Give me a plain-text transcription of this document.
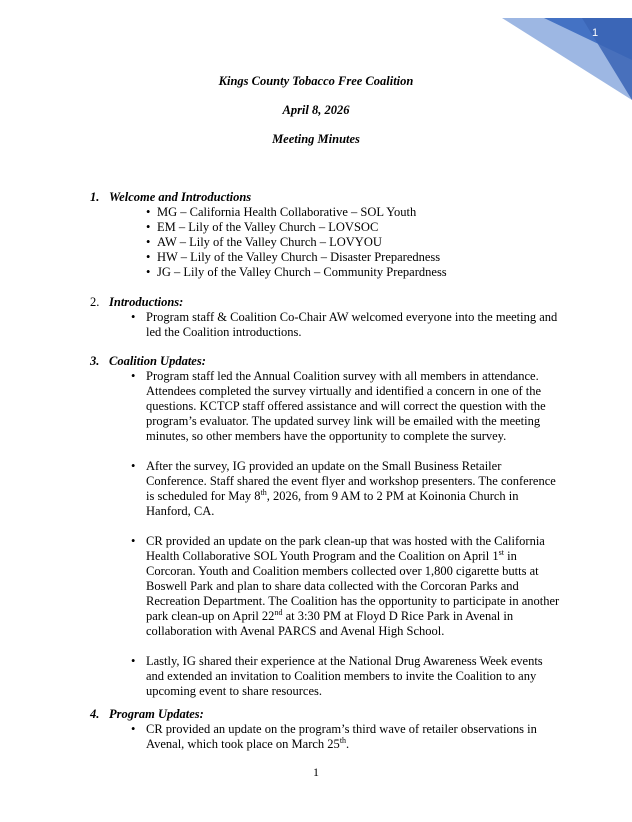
1
Kings County Tobacco Free Coalition
April 8, 2026
Meeting Minutes
1. Welcome and Introductions
• MG – California Health Collaborative – SOL Youth
• EM – Lily of the Valley Church – LOVSOC
• AW – Lily of the Valley Church – LOVYOU
• HW – Lily of the Valley Church – Disaster Preparedness
• JG – Lily of the Valley Church – Community Prepardness
2. Introductions:
• Program staff & Coalition Co-Chair AW welcomed everyone into the meeting and led the Coalition introductions.
3. Coalition Updates:
• Program staff led the Annual Coalition survey with all members in attendance. Attendees completed the survey virtually and identified a concern in one of the questions. KCTCP staff offered assistance and will correct the question with the program’s evaluator. The updated survey link will be emailed with the meeting minutes, so other members have the opportunity to complete the survey.
• After the survey, IG provided an update on the Small Business Retailer Conference. Staff shared the event flyer and workshop presenters. The conference is scheduled for May 8th, 2026, from 9 AM to 2 PM at Koinonia Church in Hanford, CA.
• CR provided an update on the park clean-up that was hosted with the California Health Collaborative SOL Youth Program and the Coalition on April 1st in Corcoran. Youth and Coalition members collected over 1,800 cigarette butts at Boswell Park and plan to share data collected with the Corcoran Parks and Recreation Department. The Coalition has the opportunity to participate in another park clean-up on April 22nd at 3:30 PM at Floyd D Rice Park in Avenal in collaboration with Avenal PARCS and Avenal High School.
• Lastly, IG shared their experience at the National Drug Awareness Week events and extended an invitation to Coalition members to invite the Coalition to any upcoming event to share resources.
4. Program Updates:
• CR provided an update on the program’s third wave of retailer observations in Avenal, which took place on March 25th.
1
